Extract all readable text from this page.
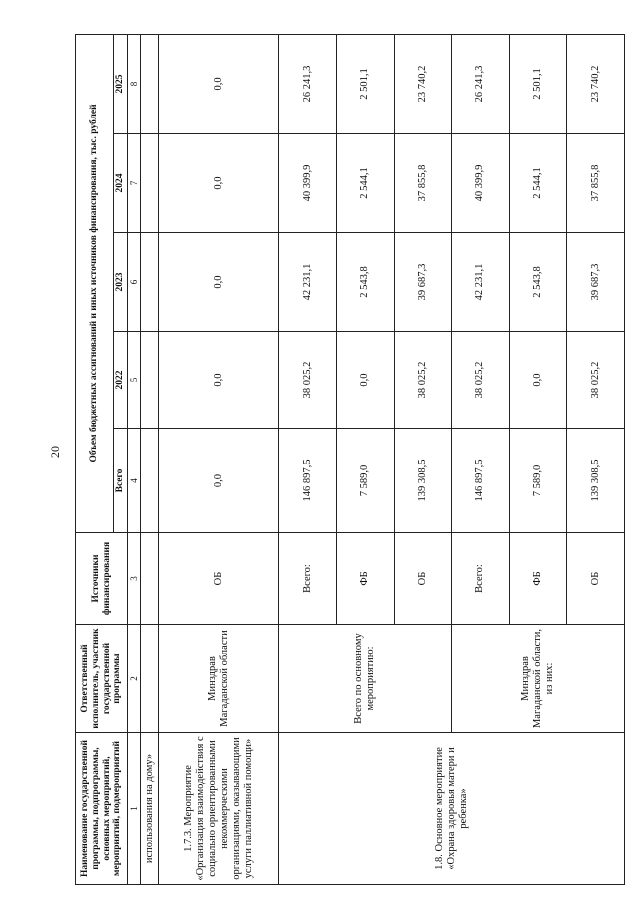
20
Наименование государственной программы, подпрограммы, основных мероприятий, мероприятий, подмероприятий	Ответственный исполнитель, участник государственной программы	Источники финансирования	Объем бюджетных ассигнований и иных источников финансирования, тыс. рублей				
			Всего	2022	2023	2024	2025
1	2	3	4	5	6	7	8
использования на дому»							
1.7.3. Мероприятие «Организация взаимодействия с социально ориентированными некоммерческими организациями, оказывающими услуги паллиативной помощи»	Минздрав Магаданской области	ОБ	0,0	0,0	0,0	0,0	0,0
1.8. Основное мероприятие «Охрана здоровья матери и ребенка»	Всего по основному мероприятию:	Всего:	146 897,5	38 025,2	42 231,1	40 399,9	26 241,3
		ФБ	7 589,0	0,0	2 543,8	2 544,1	2 501,1
		ОБ	139 308,5	38 025,2	39 687,3	37 855,8	23 740,2
	Минздрав Магаданской области, из них:	Всего:	146 897,5	38 025,2	42 231,1	40 399,9	26 241,3
		ФБ	7 589,0	0,0	2 543,8	2 544,1	2 501,1
		ОБ	139 308,5	38 025,2	39 687,3	37 855,8	23 740,2
